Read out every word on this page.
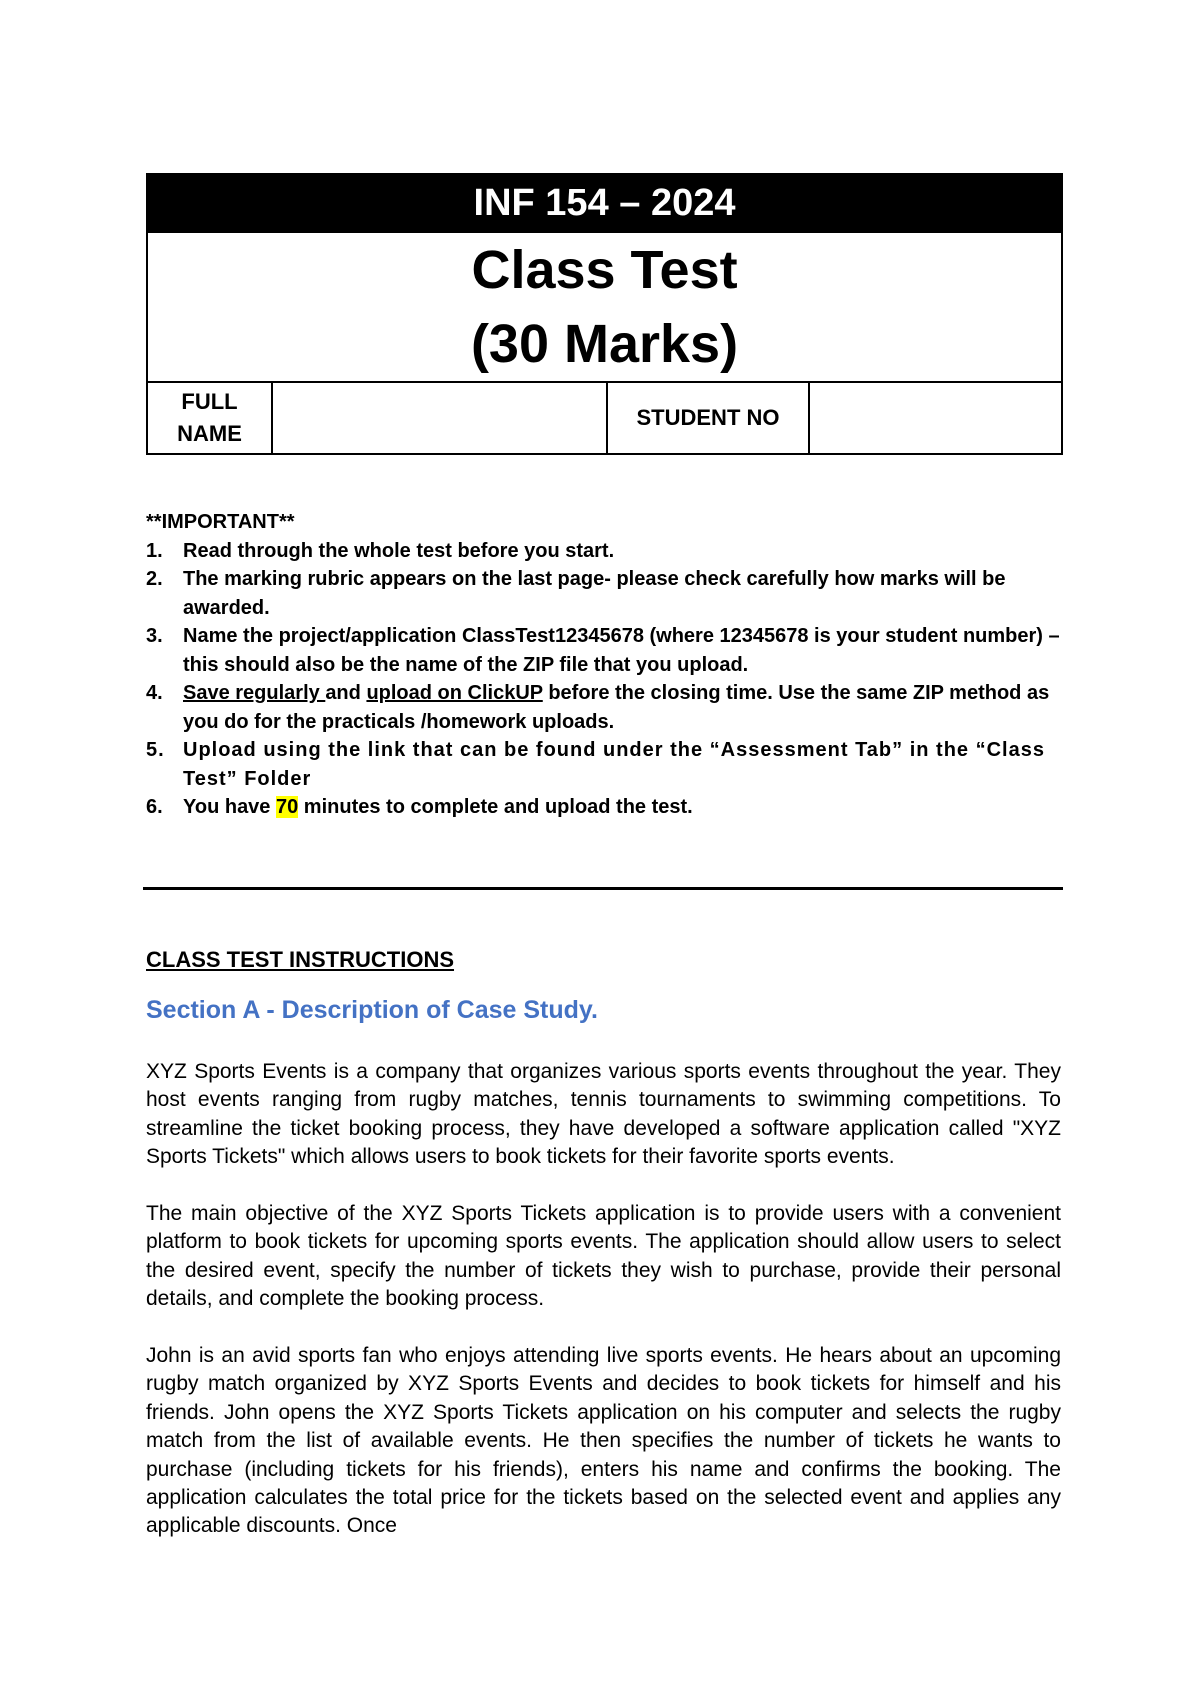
INF 154 – 2024

Class Test
(30 Marks)

FULL
NAME
		STUDENT NO	
**IMPORTANT**
1. Read through the whole test before you start.
2. The marking rubric appears on the last page- please check carefully how marks will be awarded.
3. Name the project/application ClassTest12345678 (where 12345678 is your student number) – this should also be the name of the ZIP file that you upload.
4. Save regularly and upload on ClickUP before the closing time. Use the same ZIP method as you do for the practicals /homework uploads.
5. Upload using the link that can be found under the “Assessment Tab” in the “Class Test” Folder
6. You have 70 minutes to complete and upload the test.
CLASS TEST INSTRUCTIONS
Section A - Description of Case Study.

XYZ Sports Events is a company that organizes various sports events throughout the year. They host events ranging from rugby matches, tennis tournaments to swimming competitions. To streamline the ticket booking process, they have developed a software application called "XYZ Sports Tickets" which allows users to book tickets for their favorite sports events.

The main objective of the XYZ Sports Tickets application is to provide users with a convenient platform to book tickets for upcoming sports events. The application should allow users to select the desired event, specify the number of tickets they wish to purchase, provide their personal details, and complete the booking process.

John is an avid sports fan who enjoys attending live sports events. He hears about an upcoming rugby match organized by XYZ Sports Events and decides to book tickets for himself and his friends. John opens the XYZ Sports Tickets application on his computer and selects the rugby match from the list of available events. He then specifies the number of tickets he wants to purchase (including tickets for his friends), enters his name and confirms the booking. The application calculates the total price for the tickets based on the selected event and applies any applicable discounts. Once
